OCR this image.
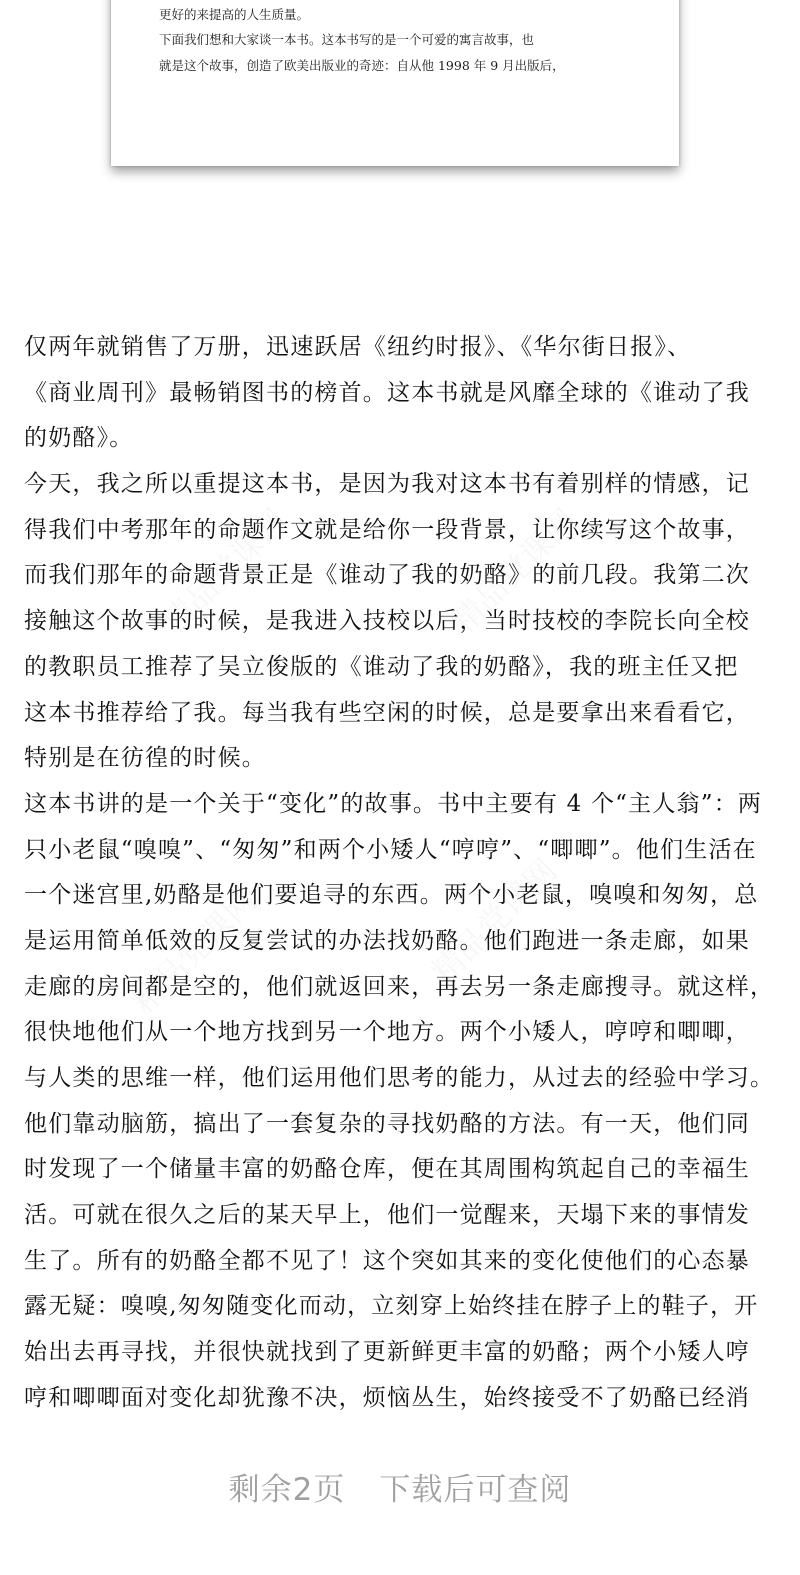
更好的来提高的人生质量。
下面我们想和大家谈一本书。这本书写的是一个可爱的寓言故事，也
就是这个故事，创造了欧美出版业的奇迹：自从他 1998 年 9 月出版后，
仅两年就销售了万册，迅速跃居《纽约时报》、《华尔街日报》、
《商业周刊》最畅销图书的榜首。这本书就是风靡全球的《谁动了我
的奶酪》。
今天，我之所以重提这本书，是因为我对这本书有着别样的情感，记
得我们中考那年的命题作文就是给你一段背景，让你续写这个故事，
而我们那年的命题背景正是《谁动了我的奶酪》的前几段。我第二次
接触这个故事的时候，是我进入技校以后，当时技校的李院长向全校
的教职员工推荐了吴立俊版的《谁动了我的奶酪》，我的班主任又把
这本书推荐给了我。每当我有些空闲的时候，总是要拿出来看看它，
特别是在彷徨的时候。
这本书讲的是一个关于“变化”的故事。书中主要有 4 个“主人翁”：两
只小老鼠“嗅嗅”、“匆匆”和两个小矮人“哼哼”、“唧唧”。他们生活在
一个迷宫里,奶酪是他们要追寻的东西。两个小老鼠，嗅嗅和匆匆，总
是运用简单低效的反复尝试的办法找奶酪。他们跑进一条走廊，如果
走廊的房间都是空的，他们就返回来，再去另一条走廊搜寻。就这样，
很快地他们从一个地方找到另一个地方。两个小矮人，哼哼和唧唧，
与人类的思维一样，他们运用他们思考的能力，从过去的经验中学习。
他们靠动脑筋，搞出了一套复杂的寻找奶酪的方法。有一天，他们同
时发现了一个储量丰富的奶酪仓库，便在其周围构筑起自己的幸福生
活。可就在很久之后的某天早上，他们一觉醒来，天塌下来的事情发
生了。所有的奶酪全都不见了！这个突如其来的变化使他们的心态暴
露无疑：嗅嗅,匆匆随变化而动，立刻穿上始终挂在脖子上的鞋子，开
始出去再寻找，并很快就找到了更新鲜更丰富的奶酪；两个小矮人哼
哼和唧唧面对变化却犹豫不决，烦恼丛生，始终接受不了奶酪已经消
剩余2页 下载后可查阅
